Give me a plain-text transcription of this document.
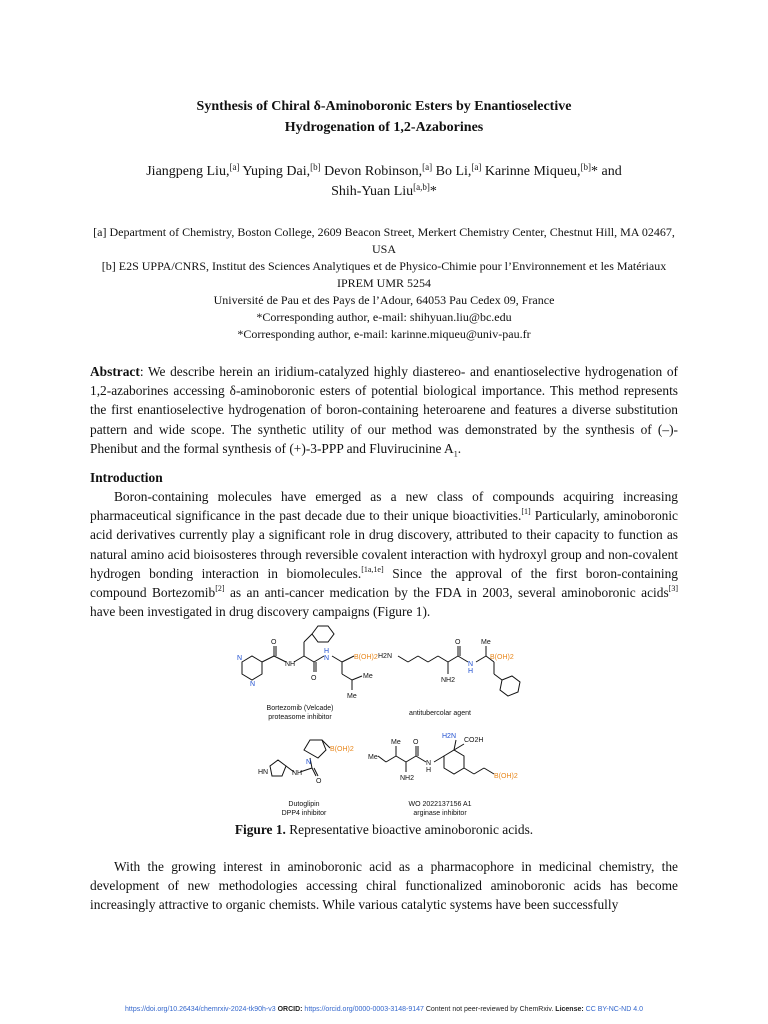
Synthesis of Chiral δ-Aminoboronic Esters by Enantioselective
Hydrogenation of 1,2-Azaborines
Jiangpeng Liu,[a] Yuping Dai,[b] Devon Robinson,[a] Bo Li,[a] Karinne Miqueu,[b]* and
Shih-Yuan Liu[a,b]*
[a] Department of Chemistry, Boston College, 2609 Beacon Street, Merkert Chemistry Center, Chestnut Hill, MA 02467, USA
[b] E2S UPPA/CNRS, Institut des Sciences Analytiques et de Physico-Chimie pour l’Environnement et les Matériaux IPREM UMR 5254
Université de Pau et des Pays de l’Adour, 64053 Pau Cedex 09, France
*Corresponding author, e-mail: shihyuan.liu@bc.edu
*Corresponding author, e-mail: karinne.miqueu@univ-pau.fr
Abstract: We describe herein an iridium-catalyzed highly diastereo- and enantioselective hydrogenation of 1,2-azaborines accessing δ-aminoboronic esters of potential biological importance. This method represents the first enantioselective hydrogenation of boron-containing heteroarene and features a diverse substitution pattern and wide scope. The synthetic utility of our method was demonstrated by the synthesis of (–)-Phenibut and the formal synthesis of (+)-3-PPP and Fluvirucinine $A_1$.
Introduction
Boron-containing molecules have emerged as a new class of compounds acquiring increasing pharmaceutical significance in the past decade due to their unique bioactivities.[1] Particularly, aminoboronic acid derivatives currently play a significant role in drug discovery, attributed to their capacity to function as natural amino acid bioisosteres through reversible covalent interaction with hydroxyl group and non-covalent hydrogen bonding interaction in biomolecules.[1a,1e] Since the approval of the first boron-containing compound Bortezomib[2] as an anti-cancer medication by the FDA in 2003, several aminoboronic acids[3] have been investigated in drug discovery campaigns (Figure 1).
N
N
O
NH
O
H
N	B(OH)2
Me
Me
H2N
O
NH2
N
H
Me
B(OH)2
B(OH)2
N
O
NH
HN
Me
Me O
NH2
N
H
H2N
CO2H
B(OH)2
Bortezomib (Velcade)
proteasome inhibitor
antitubercolar agent
Dutoglipin
DPP4 inhibitor
WO 2022137156 A1
arginase inhibitor
Figure 1. Representative bioactive aminoboronic acids.
With the growing interest in aminoboronic acid as a pharmacophore in medicinal chemistry, the development of new methodologies accessing chiral functionalized aminoboronic acids has become increasingly attractive to organic chemists. While various catalytic systems have been successfully
https://doi.org/10.26434/chemrxiv-2024-tk90h-v3 ORCID: https://orcid.org/0000-0003-3148-9147 Content not peer-reviewed by ChemRxiv. License: CC BY-NC-ND 4.0
